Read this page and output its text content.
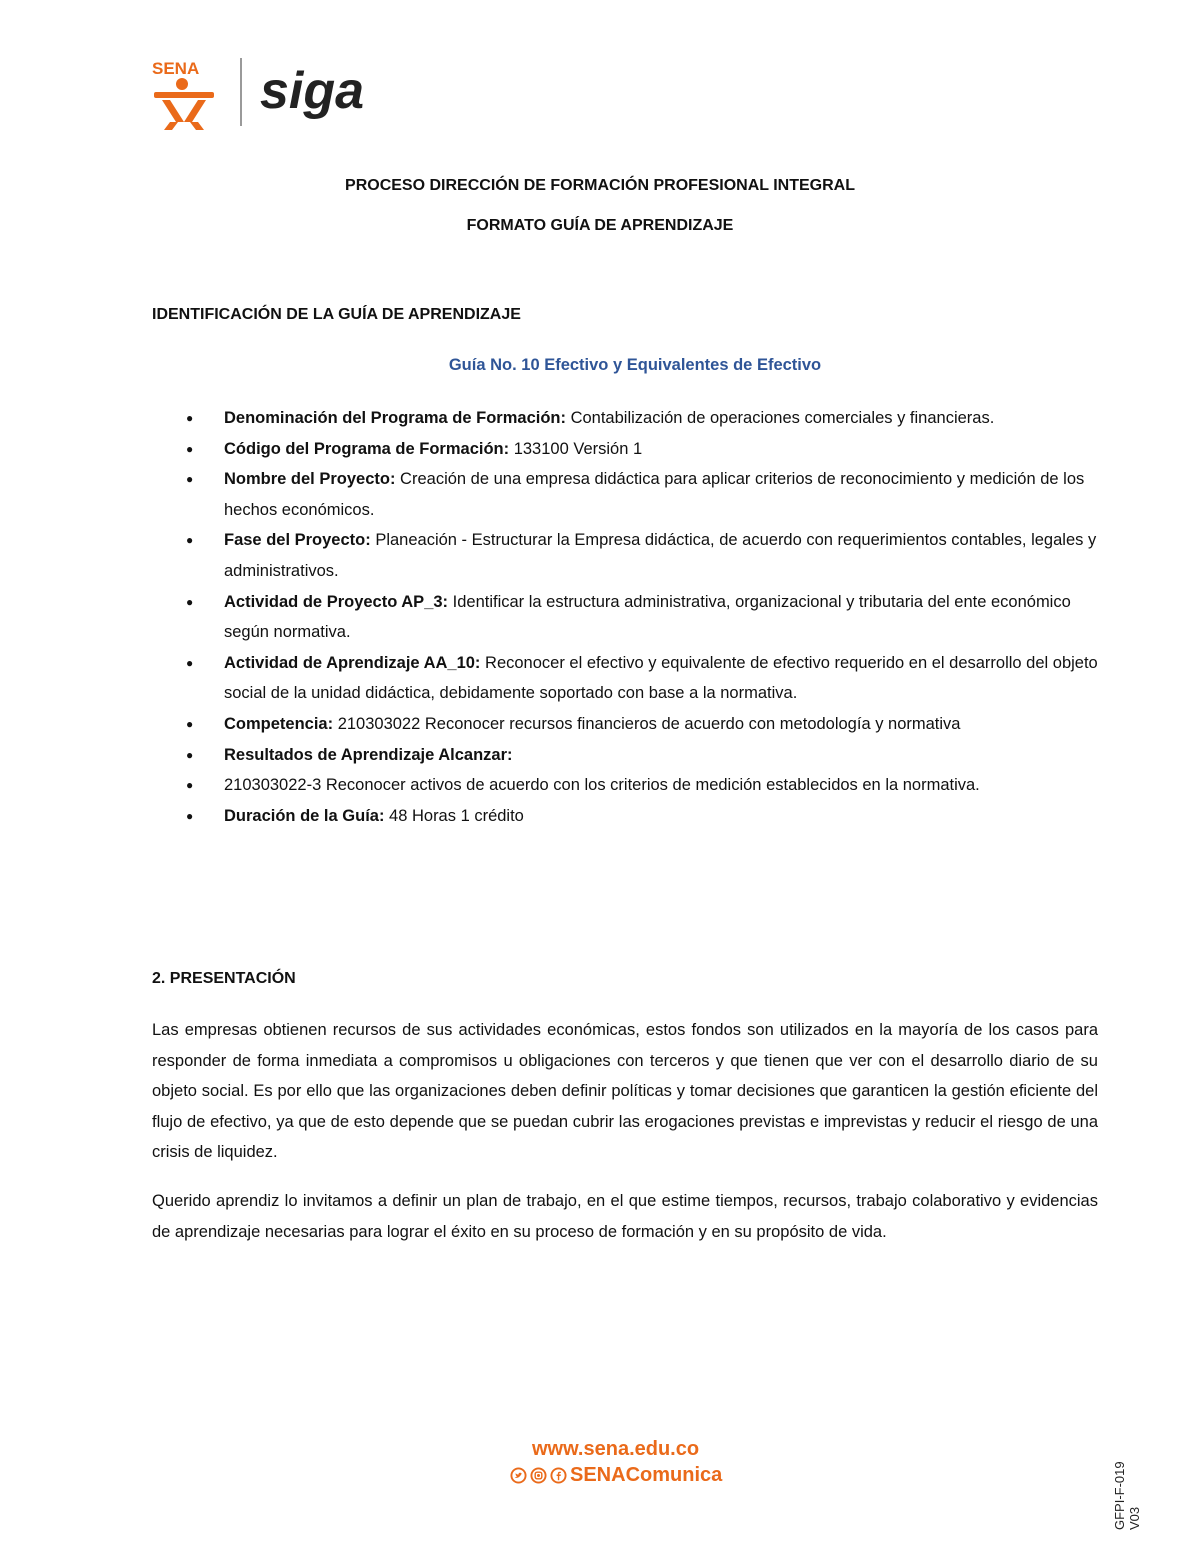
SENA siga
PROCESO DIRECCIÓN DE FORMACIÓN PROFESIONAL INTEGRAL
FORMATO GUÍA DE APRENDIZAJE
IDENTIFICACIÓN DE LA GUÍA DE APRENDIZAJE
Guía No. 10 Efectivo y Equivalentes de Efectivo
● Denominación del Programa de Formación: Contabilización de operaciones comerciales y financieras.
● Código del Programa de Formación: 133100 Versión 1
● Nombre del Proyecto: Creación de una empresa didáctica para aplicar criterios de reconocimiento y medición de los hechos económicos.
● Fase del Proyecto: Planeación - Estructurar la Empresa didáctica, de acuerdo con requerimientos contables, legales y administrativos.
● Actividad de Proyecto AP_3: Identificar la estructura administrativa, organizacional y tributaria del ente económico según normativa.
● Actividad de Aprendizaje AA_10: Reconocer el efectivo y equivalente de efectivo requerido en el desarrollo del objeto social de la unidad didáctica, debidamente soportado con base a la normativa.
● Competencia: 210303022 Reconocer recursos financieros de acuerdo con metodología y normativa
● Resultados de Aprendizaje Alcanzar:
● 210303022-3 Reconocer activos de acuerdo con los criterios de medición establecidos en la normativa.
● Duración de la Guía: 48 Horas 1 crédito
2. PRESENTACIÓN

Las empresas obtienen recursos de sus actividades económicas, estos fondos son utilizados en la mayoría de los casos para responder de forma inmediata a compromisos u obligaciones con terceros y que tienen que ver con el desarrollo diario de su objeto social. Es por ello que las organizaciones deben definir políticas y tomar decisiones que garanticen la gestión eficiente del flujo de efectivo, ya que de esto depende que se puedan cubrir las erogaciones previstas e imprevistas y reducir el riesgo de una crisis de liquidez.

Querido aprendiz lo invitamos a definir un plan de trabajo, en el que estime tiempos, recursos, trabajo colaborativo y evidencias de aprendizaje necesarias para lograr el éxito en su proceso de formación y en su propósito de vida.

www.sena.edu.co
SENAComunica	GFPI-F-019 V03
